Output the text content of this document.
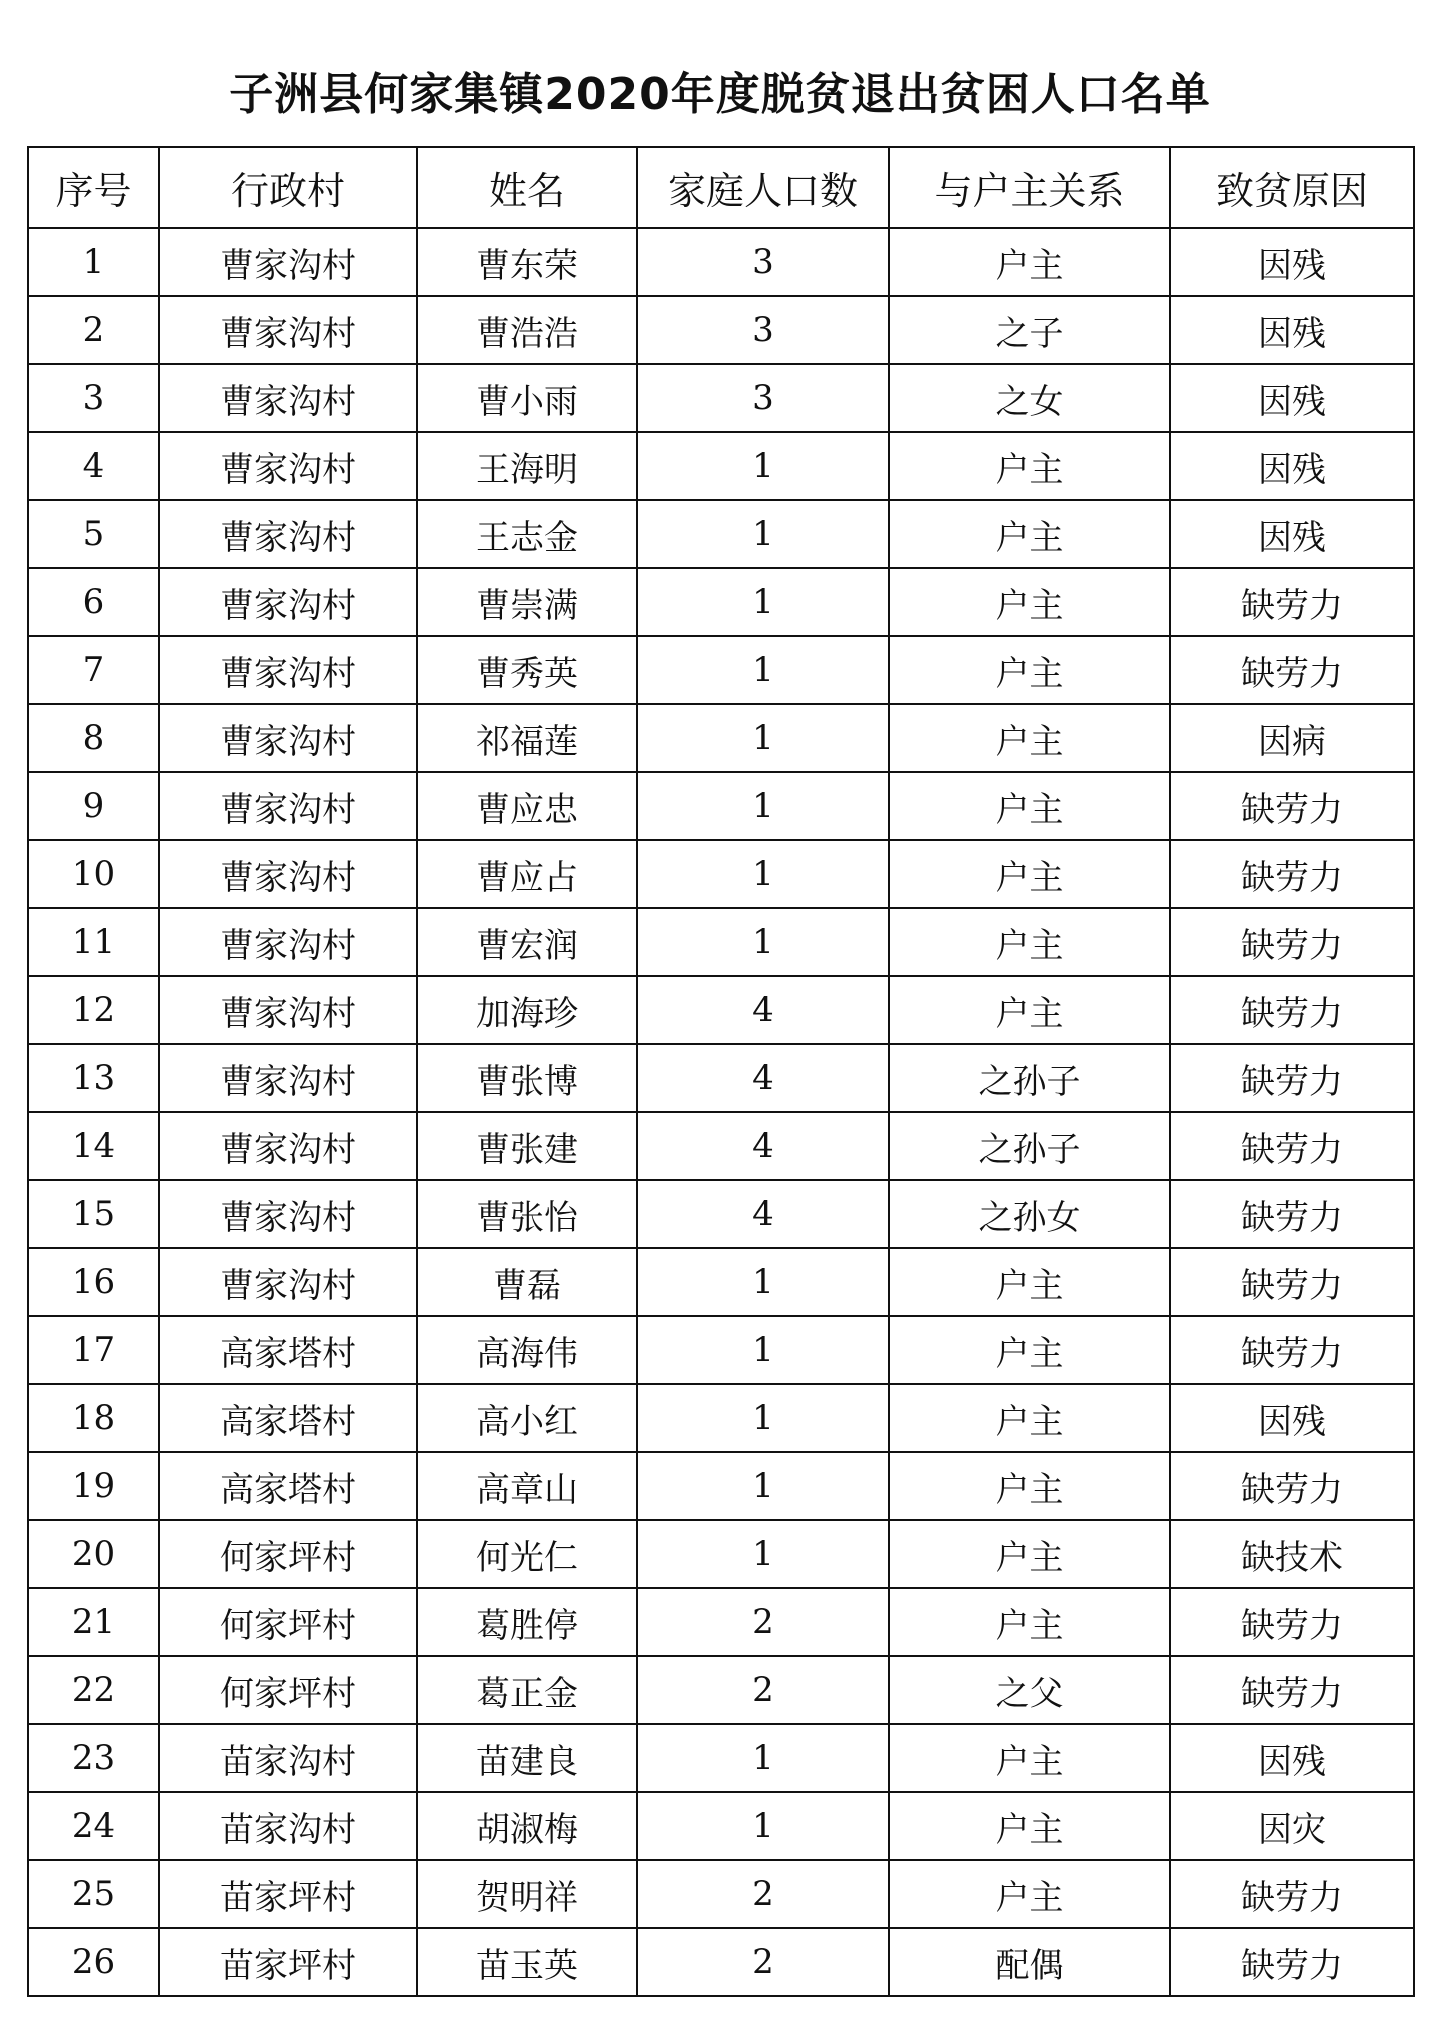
子洲县何家集镇2020年度脱贫退出贫困人口名单
序号	行政村	姓名	家庭人口数	与户主关系	致贫原因
1	曹家沟村	曹东荣	3	户主	因残
2	曹家沟村	曹浩浩	3	之子	因残
3	曹家沟村	曹小雨	3	之女	因残
4	曹家沟村	王海明	1	户主	因残
5	曹家沟村	王志金	1	户主	因残
6	曹家沟村	曹崇满	1	户主	缺劳力
7	曹家沟村	曹秀英	1	户主	缺劳力
8	曹家沟村	祁福莲	1	户主	因病
9	曹家沟村	曹应忠	1	户主	缺劳力
10	曹家沟村	曹应占	1	户主	缺劳力
11	曹家沟村	曹宏润	1	户主	缺劳力
12	曹家沟村	加海珍	4	户主	缺劳力
13	曹家沟村	曹张博	4	之孙子	缺劳力
14	曹家沟村	曹张建	4	之孙子	缺劳力
15	曹家沟村	曹张怡	4	之孙女	缺劳力
16	曹家沟村	曹磊	1	户主	缺劳力
17	高家塔村	高海伟	1	户主	缺劳力
18	高家塔村	高小红	1	户主	因残
19	高家塔村	高章山	1	户主	缺劳力
20	何家坪村	何光仁	1	户主	缺技术
21	何家坪村	葛胜停	2	户主	缺劳力
22	何家坪村	葛正金	2	之父	缺劳力
23	苗家沟村	苗建良	1	户主	因残
24	苗家沟村	胡淑梅	1	户主	因灾
25	苗家坪村	贺明祥	2	户主	缺劳力
26	苗家坪村	苗玉英	2	配偶	缺劳力
